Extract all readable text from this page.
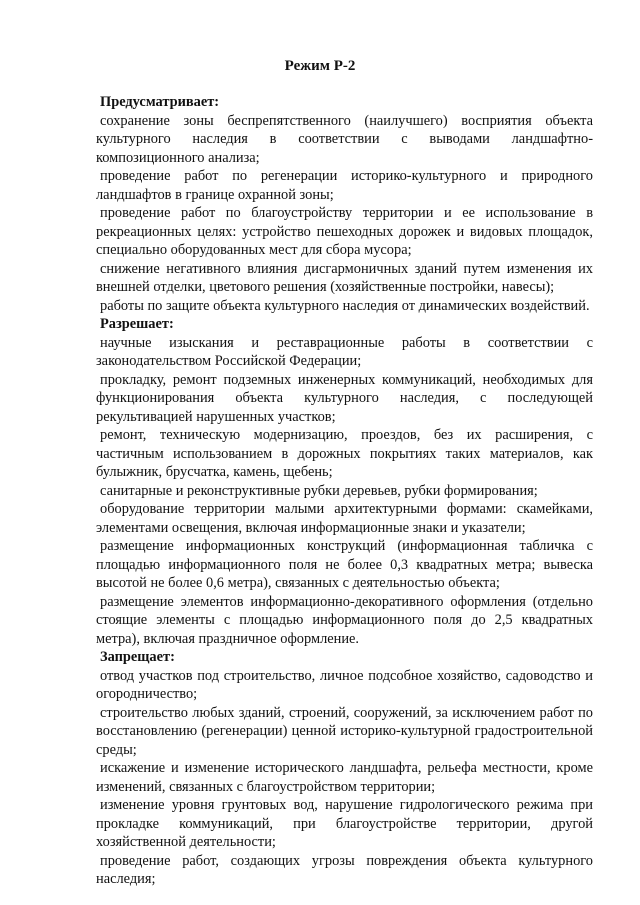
Режим Р-2
Предусматривает:

сохранение зоны беспрепятственного (наилучшего) восприятия объекта культурного наследия в соответствии с выводами ландшафтно- композиционного анализа;

проведение работ по регенерации историко-культурного и природного ландшафтов в границе охранной зоны;

проведение работ по благоустройству территории и ее использование в рекреационных целях: устройство пешеходных дорожек и видовых площадок, специально оборудованных мест для сбора мусора;

снижение негативного влияния дисгармоничных зданий путем изменения их внешней отделки, цветового решения (хозяйственные постройки, навесы);

работы по защите объекта культурного наследия от динамических воздействий.

Разрешает:

научные изыскания и реставрационные работы в соответствии с законодательством Российской Федерации;

прокладку, ремонт подземных инженерных коммуникаций, необходимых для функционирования объекта культурного наследия, с последующей рекультивацией нарушенных участков;

ремонт, техническую модернизацию, проездов, без их расширения, с частичным использованием в дорожных покрытиях таких материалов, как булыжник, брусчатка, камень, щебень;

санитарные и реконструктивные рубки деревьев, рубки формирования;

оборудование территории малыми архитектурными формами: скамейками, элементами освещения, включая информационные знаки и указатели;

размещение информационных конструкций (информационная табличка с площадью информационного поля не более 0,3 квадратных метра; вывеска высотой не более 0,6 метра), связанных с деятельностью объекта;

размещение элементов информационно-декоративного оформления (отдельно стоящие элементы с площадью информационного поля до 2,5 квадратных метра), включая праздничное оформление.

Запрещает:

отвод участков под строительство, личное подсобное хозяйство, садоводство и огородничество;

строительство любых зданий, строений, сооружений, за исключением работ по восстановлению (регенерации) ценной историко-культурной градостроительной среды;

искажение и изменение исторического ландшафта, рельефа местности, кроме изменений, связанных с благоустройством территории;

изменение уровня грунтовых вод, нарушение гидрологического режима при прокладке коммуникаций, при благоустройстве территории, другой хозяйственной деятельности;

проведение работ, создающих угрозы повреждения объекта культурного наследия;
